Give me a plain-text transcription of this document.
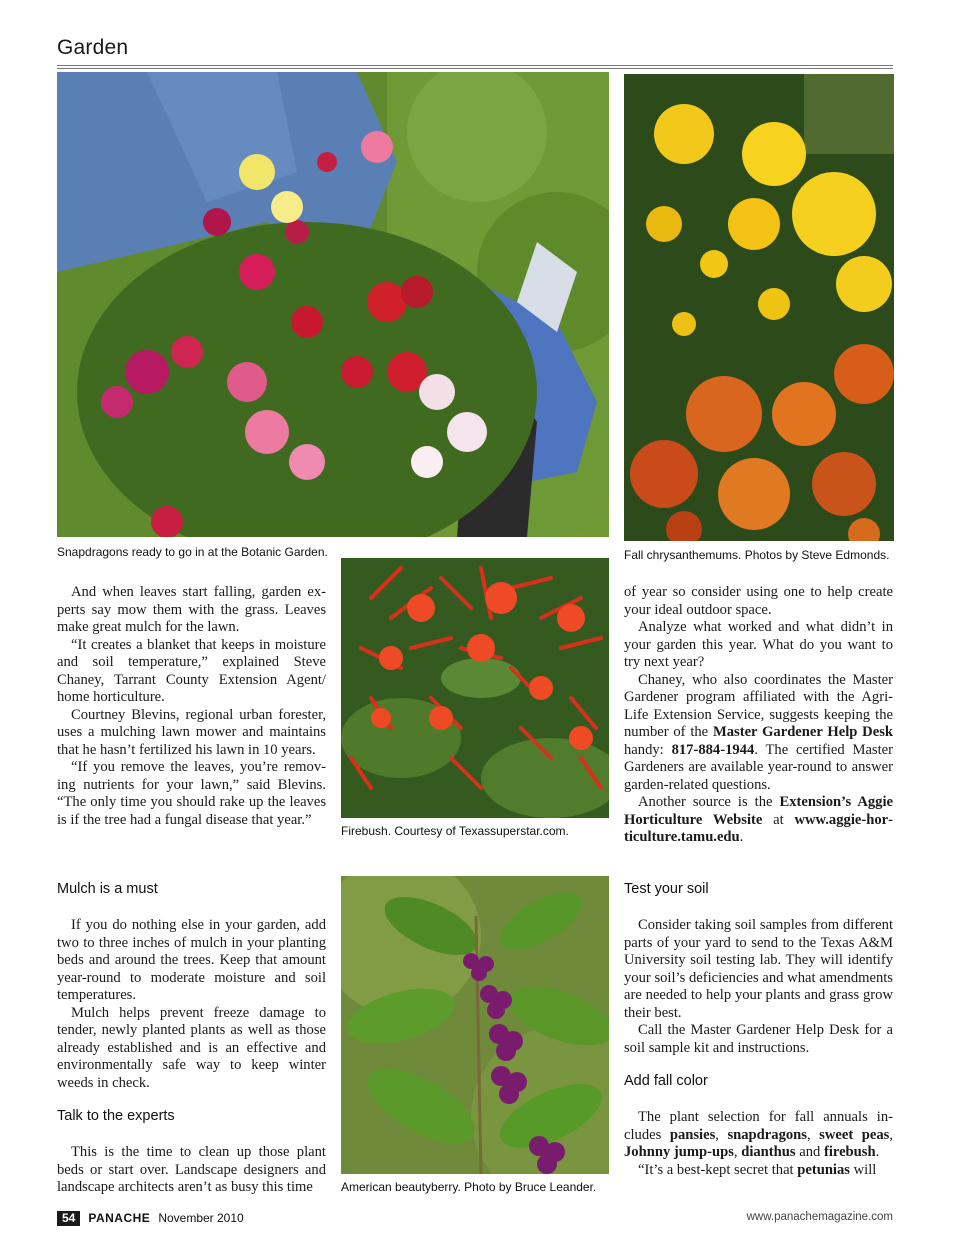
Garden
Snapdragons ready to go in at the Botanic Garden.	Fall chrysanthemums. Photos by Steve Edmonds.
Firebush. Courtesy of Texassuperstar.com.
American beautyberry. Photo by Bruce Leander.

And when leaves start falling, garden experts say mow them with the grass. Leaves make great mulch for the lawn.

“It creates a blanket that keeps in moisture and soil temperature,” explained Steve Chaney, Tarrant County Extension Agent/ home horticulture.

Courtney Blevins, regional urban forester, uses a mulching lawn mower and maintains that he hasn’t fertilized his lawn in 10 years.

“If you remove the leaves, you’re removing nutrients for your lawn,” said Blevins. “The only time you should rake up the leaves is if the tree had a fungal disease that year.”

Mulch is a must

If you do nothing else in your garden, add two to three inches of mulch in your planting beds and around the trees. Keep that amount year-round to moderate moisture and soil temperatures.

Mulch helps prevent freeze damage to tender, newly planted plants as well as those already established and is an effective and environmentally safe way to keep winter weeds in check.

Talk to the experts

This is the time to clean up those plant beds or start over. Landscape designers and landscape architects aren’t as busy this time

of year so consider using one to help create your ideal outdoor space.

Analyze what worked and what didn’t in your garden this year. What do you want to try next year?

Chaney, who also coordinates the Master Gardener program affiliated with the Agri-Life Extension Service, suggests keeping the number of the Master Gardener Help Desk handy: 817-884-1944. The certified Master Gardeners are available year-round to answer garden-related questions.

Another source is the Extension’s Aggie Horticulture Website at www.aggie-horticulture.tamu.edu.

Test your soil

Consider taking soil samples from different parts of your yard to send to the Texas A&M University soil testing lab. They will identify your soil’s deficiencies and what amendments are needed to help your plants and grass grow their best.

Call the Master Gardener Help Desk for a soil sample kit and instructions.

Add fall color

The plant selection for fall annuals includes pansies, snapdragons, sweet peas, Johnny jump-ups, dianthus and firebush.

“It’s a best-kept secret that petunias will

54	PANACHE November 2010	www.panachemagazine.com
